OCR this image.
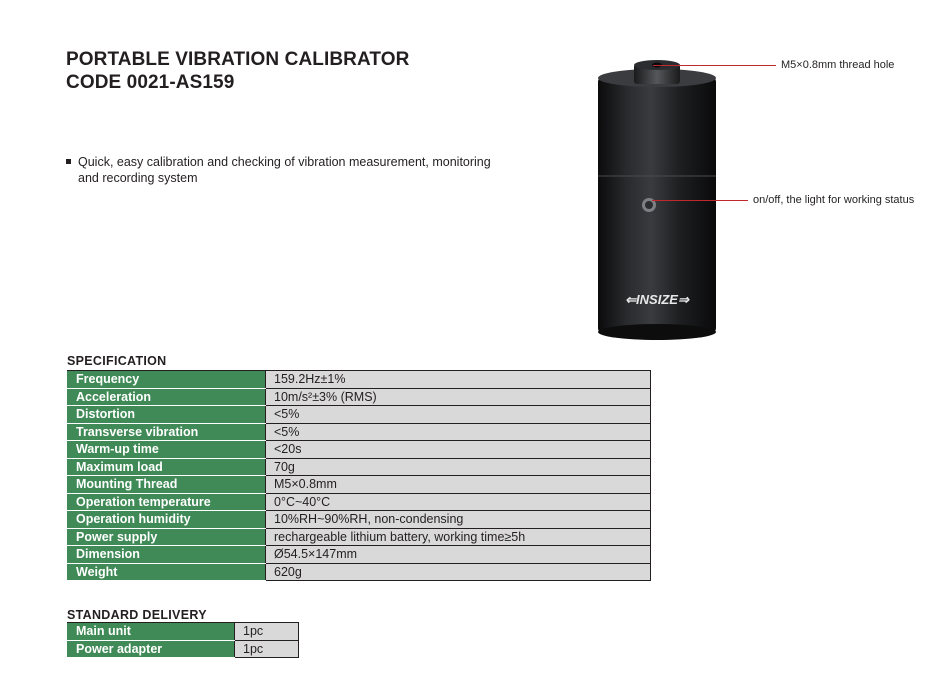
PORTABLE VIBRATION CALIBRATOR
CODE 0021-AS159
Quick, easy calibration and checking of vibration measurement, monitoring and recording system
⇐INSIZE⇒
M5×0.8mm thread hole
on/off, the light for working status
SPECIFICATION
Frequency	159.2Hz±1%
Acceleration	10m/s²±3% (RMS)
Distortion	<5%
Transverse vibration	<5%
Warm-up time	<20s
Maximum load	70g
Mounting Thread	M5×0.8mm
Operation temperature	0°C~40°C
Operation humidity	10%RH~90%RH, non-condensing
Power supply	rechargeable lithium battery, working time≥5h
Dimension	Ø54.5×147mm
Weight	620g
STANDARD DELIVERY
Main unit	1pc
Power adapter	1pc
